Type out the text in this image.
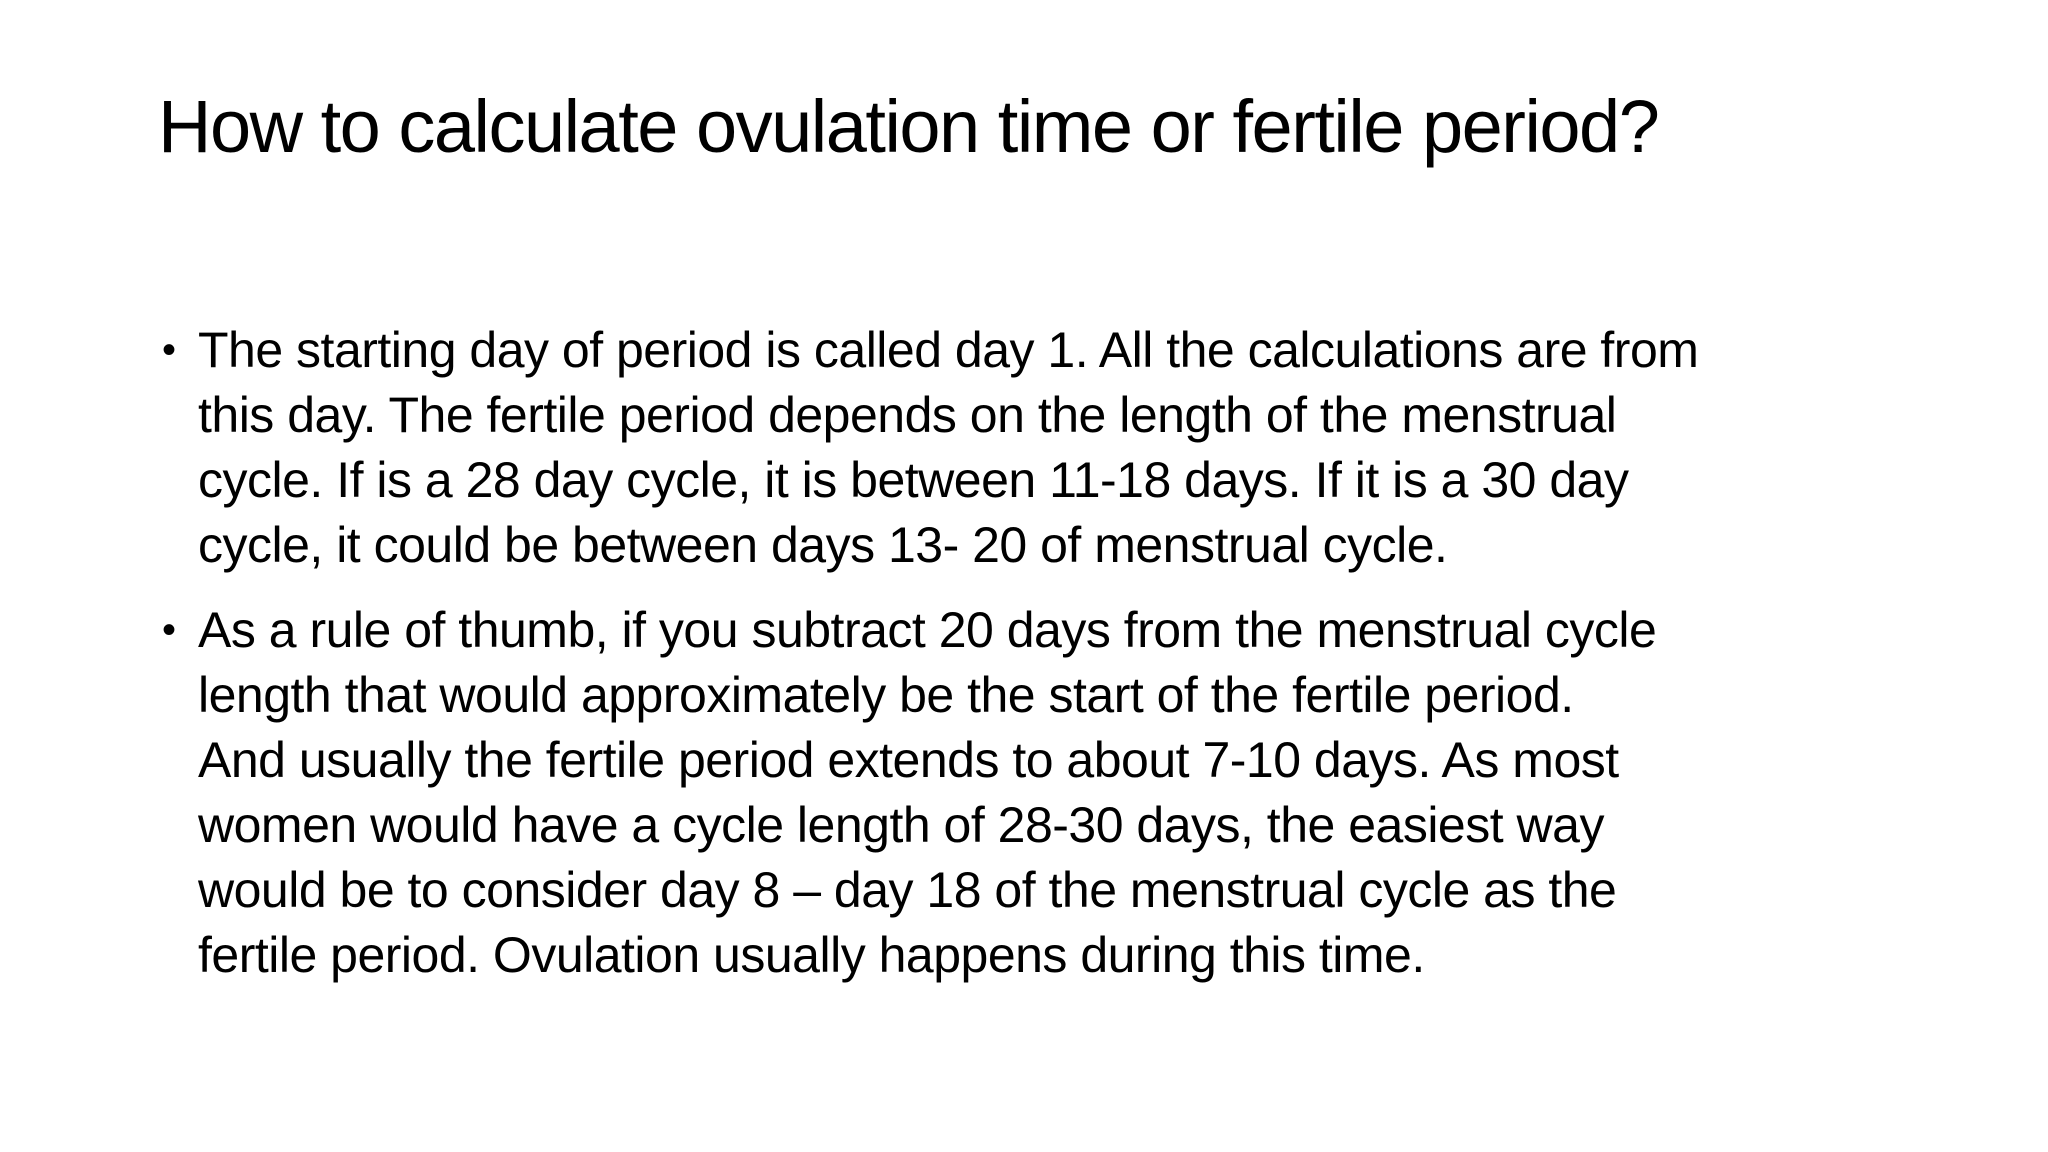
How to calculate ovulation time or fertile period?
• The starting day of period is called day 1. All the calculations are from
this day. The fertile period depends on the length of the menstrual
cycle. If is a 28 day cycle, it is between 11-18 days. If it is a 30 day
cycle, it could be between days 13- 20 of menstrual cycle.
• As a rule of thumb, if you subtract 20 days from the menstrual cycle
length that would approximately be the start of the fertile period.
And usually the fertile period extends to about 7-10 days. As most
women would have a cycle length of 28-30 days, the easiest way
would be to consider day 8 – day 18 of the menstrual cycle as the
fertile period. Ovulation usually happens during this time.
